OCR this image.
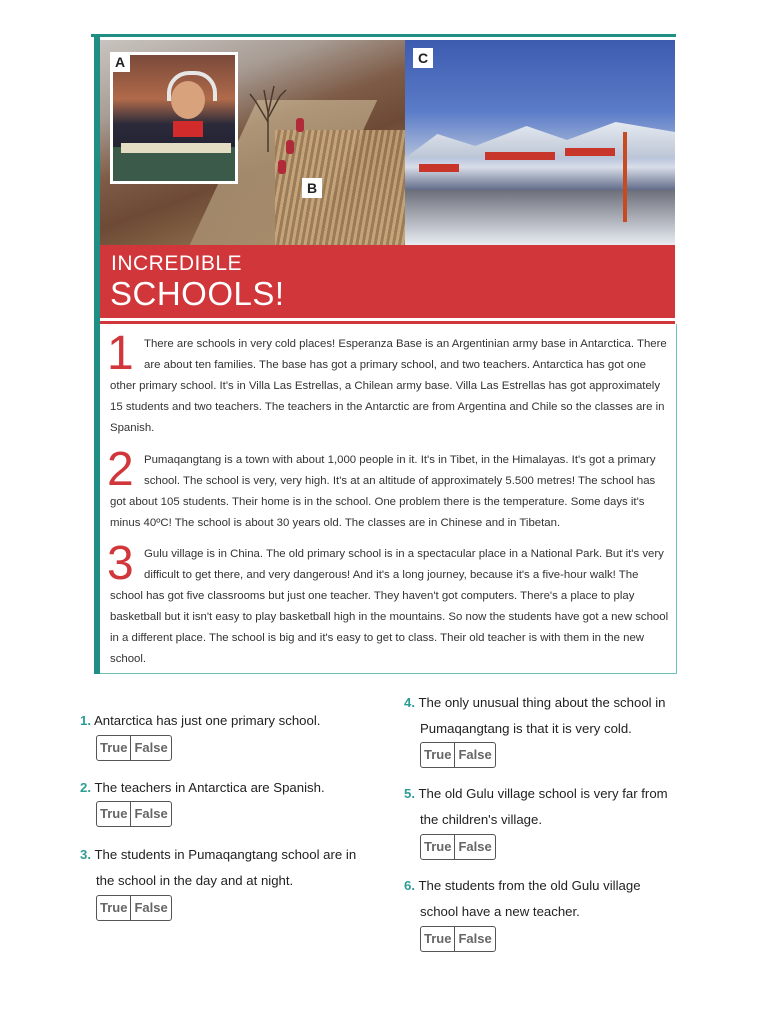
A
B
C
INCREDIBLE
SCHOOLS!
1 There are schools in very cold places! Esperanza Base is an Argentinian army base in Antarctica. There are about ten families. The base has got a primary school, and two teachers. Antarctica has got one other primary school. It's in Villa Las Estrellas, a Chilean army base. Villa Las Estrellas has got approximately 15 students and two teachers. The teachers in the Antarctic are from Argentina and Chile so the classes are in Spanish.

2 Pumaqangtang is a town with about 1,000 people in it. It's in Tibet, in the Himalayas. It's got a primary school. The school is very, very high. It's at an altitude of approximately 5.500 metres! The school has got about 105 students. Their home is in the school. One problem there is the temperature. Some days it's minus 40ºC! The school is about 30 years old. The classes are in Chinese and in Tibetan.

3 Gulu village is in China. The old primary school is in a spectacular place in a National Park. But it's very difficult to get there, and very dangerous! And it's a long journey, because it's a five-hour walk! The school has got five classrooms but just one teacher. They haven't got computers. There's a place to play basketball but it isn't easy to play basketball high in the mountains. So now the students have got a new school in a different place. The school is big and it's easy to get to class. Their old teacher is with them in the new school.

1. Antarctica has just one primary school.
True False
2. The teachers in Antarctica are Spanish.
True False
3. The students in Pumaqangtang school are in
the school in the day and at night.
True False
4. The only unusual thing about the school in
Pumaqangtang is that it is very cold.
True False
5. The old Gulu village school is very far from
the children's village.
True False
6. The students from the old Gulu village
school have a new teacher.
True False
